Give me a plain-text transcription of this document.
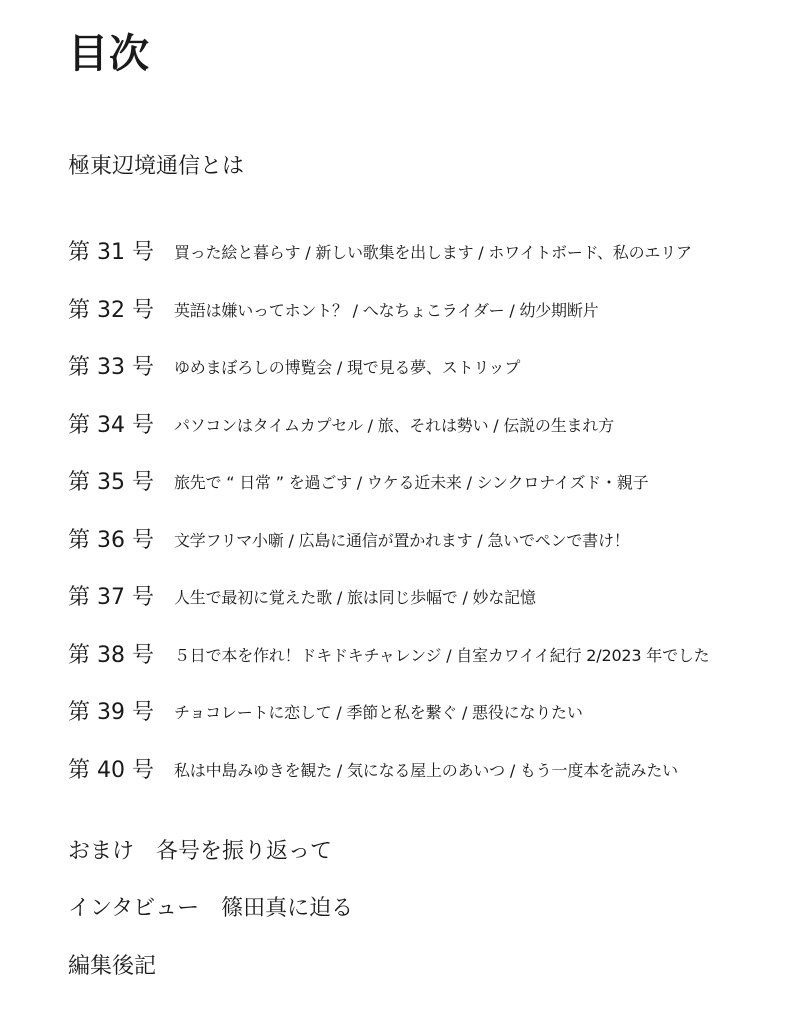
目次
極東辺境通信とは
第 31 号	買った絵と暮らす / 新しい歌集を出します / ホワイトボード、私のエリア
第 32 号	英語は嫌いってホント？ / へなちょこライダー / 幼少期断片
第 33 号	ゆめまぼろしの博覧会 / 現で見る夢、ストリップ
第 34 号	パソコンはタイムカプセル / 旅、それは勢い / 伝説の生まれ方
第 35 号	旅先で “ 日常 ” を過ごす / ウケる近未来 / シンクロナイズド・親子
第 36 号	文学フリマ小噺 / 広島に通信が置かれます / 急いでペンで書け！
第 37 号	人生で最初に覚えた歌 / 旅は同じ歩幅で / 妙な記憶
第 38 号	５日で本を作れ！ドキドキチャレンジ / 自室カワイイ紀行 2/2023 年でした
第 39 号	チョコレートに恋して / 季節と私を繋ぐ / 悪役になりたい
第 40 号	私は中島みゆきを観た / 気になる屋上のあいつ / もう一度本を読みたい
おまけ　各号を振り返って
インタビュー　篠田真に迫る
編集後記
